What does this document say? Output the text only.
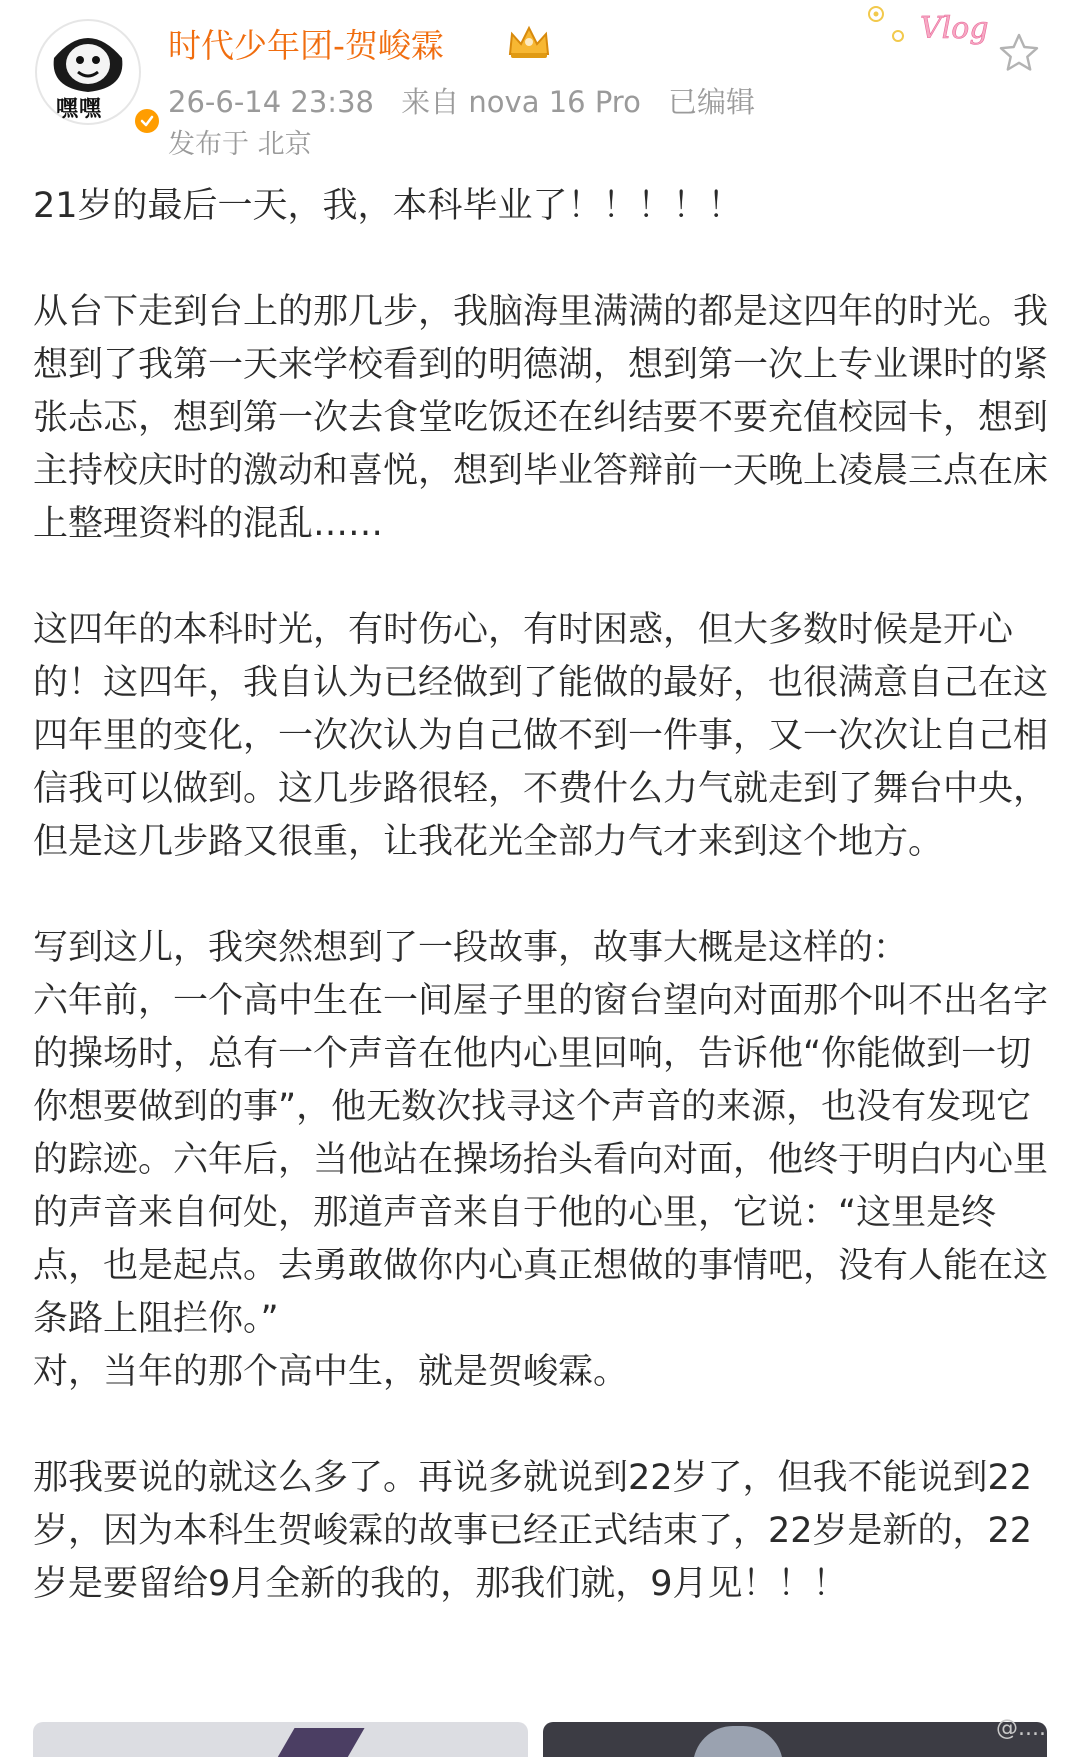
嘿嘿
时代少年团-贺峻霖
26-6-14 23:38 来自 nova 16 Pro 已编辑
发布于 北京
Vlog

21岁的最后一天，我，本科毕业了！！！！！

从台下走到台上的那几步，我脑海里满满的都是这四年的时光。我想到了我第一天来学校看到的明德湖，想到第一次上专业课时的紧张忐忑，想到第一次去食堂吃饭还在纠结要不要充值校园卡，想到主持校庆时的激动和喜悦，想到毕业答辩前一天晚上凌晨三点在床上整理资料的混乱……

这四年的本科时光，有时伤心，有时困惑，但大多数时候是开心的！这四年，我自认为已经做到了能做的最好，也很满意自己在这四年里的变化，一次次认为自己做不到一件事，又一次次让自己相信我可以做到。这几步路很轻，不费什么力气就走到了舞台中央，但是这几步路又很重，让我花光全部力气才来到这个地方。

写到这儿，我突然想到了一段故事，故事大概是这样的：
六年前，一个高中生在一间屋子里的窗台望向对面那个叫不出名字的操场时，总有一个声音在他内心里回响，告诉他“你能做到一切你想要做到的事”，他无数次找寻这个声音的来源，也没有发现它的踪迹。六年后，当他站在操场抬头看向对面，他终于明白内心里的声音来自何处，那道声音来自于他的心里，它说：“这里是终点，也是起点。去勇敢做你内心真正想做的事情吧，没有人能在这条路上阻拦你。”
对，当年的那个高中生，就是贺峻霖。

那我要说的就这么多了。再说多就说到22岁了，但我不能说到22岁，因为本科生贺峻霖的故事已经正式结束了，22岁是新的，22岁是要留给9月全新的我的，那我们就，9月见！！！

@....
